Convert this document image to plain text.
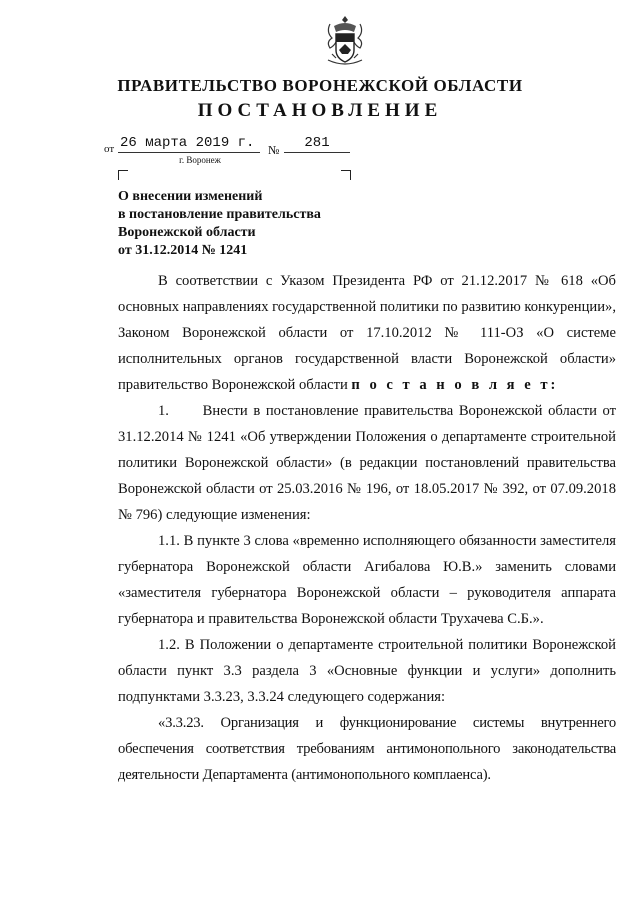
ПРАВИТЕЛЬСТВО ВОРОНЕЖСКОЙ ОБЛАСТИ
ПОСТАНОВЛЕНИЕ
от 26 марта 2019 г.	№	281
г. Воронеж
О внесении изменений
в постановление правительства
Воронежской области
от 31.12.2014 № 1241

В соответствии с Указом Президента РФ от 21.12.2017 № 618 «Об основных направлениях государственной политики по развитию конкуренции», Законом Воронежской области от 17.10.2012 № 111-ОЗ «О системе исполнительных органов государственной власти Воронежской области» правительство Воронежской области п о с т а н о в л я е т:

1.      Внести в постановление правительства Воронежской области от 31.12.2014 № 1241 «Об утверждении Положения о департаменте строительной политики Воронежской области» (в редакции постановлений правительства Воронежской области от 25.03.2016 № 196, от 18.05.2017 № 392, от 07.09.2018 № 796) следующие изменения:

1.1. В пункте 3 слова «временно исполняющего обязанности заместителя губернатора Воронежской области Агибалова Ю.В.» заменить словами «заместителя губернатора Воронежской области – руководителя аппарата губернатора и правительства Воронежской области Трухачева С.Б.».

1.2. В Положении о департаменте строительной политики Воронежской области пункт 3.3 раздела 3 «Основные функции и услуги» дополнить подпунктами 3.3.23, 3.3.24 следующего содержания:

«3.3.23. Организация и функционирование системы внутреннего обеспечения соответствия требованиям антимонопольного законодательства деятельности Департамента (антимонопольного комплаенса).
